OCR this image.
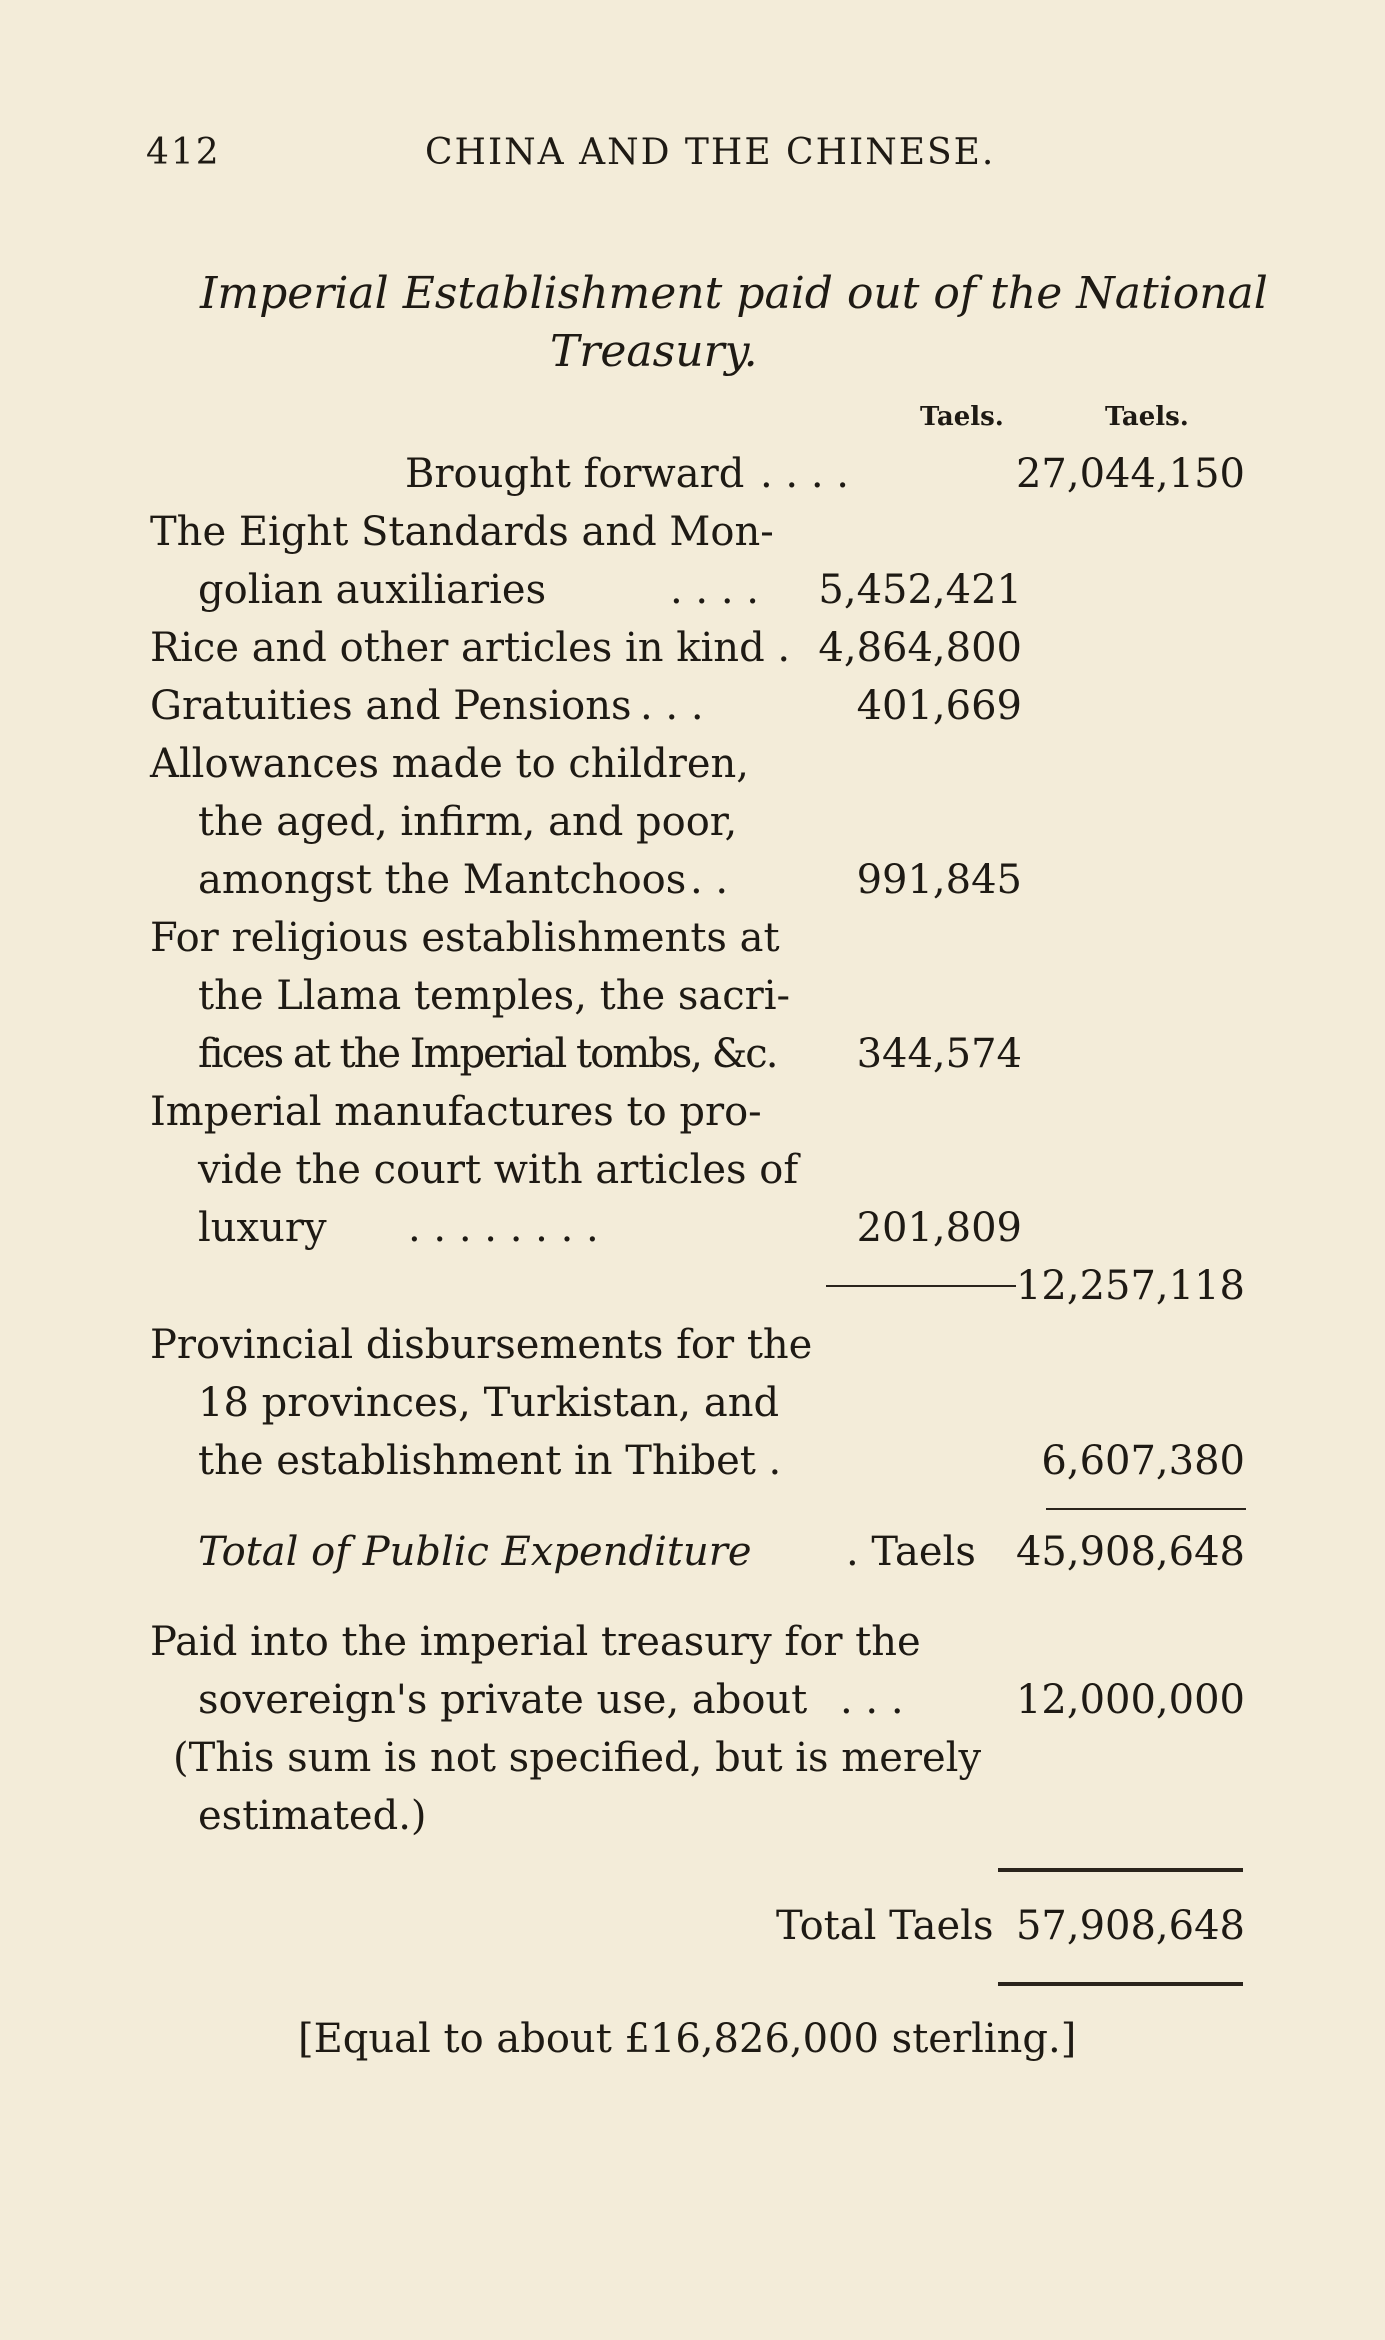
412	CHINA AND THE CHINESE.
Imperial Establishment paid out of the National
Treasury.
Taels.	Taels.
Brought forward . . . .	27,044,150
The Eight Standards and Mon-
golian auxiliaries	. . . . 5,452,421
Rice and other articles in kind . 4,864,800
Gratuities and Pensions . . .	401,669
Allowances made to children,
the aged, infirm, and poor,
amongst the Mantchoos . .	991,845
For religious establishments at
the Llama temples, the sacri-
fices at the Imperial tombs, &c.	344,574
Imperial manufactures to pro-
vide the court with articles of
luxury . . . . . . . .	201,809
12,257,118
Provincial disbursements for the
18 provinces, Turkistan, and
the establishment in Thibet .	6,607,380
Total of Public Expenditure . Taels	45,908,648
Paid into the imperial treasury for the
sovereign's private use, about . . .	12,000,000
(This sum is not specified, but is merely
estimated.)
Total Taels 57,908,648
[Equal to about £16,826,000 sterling.]
